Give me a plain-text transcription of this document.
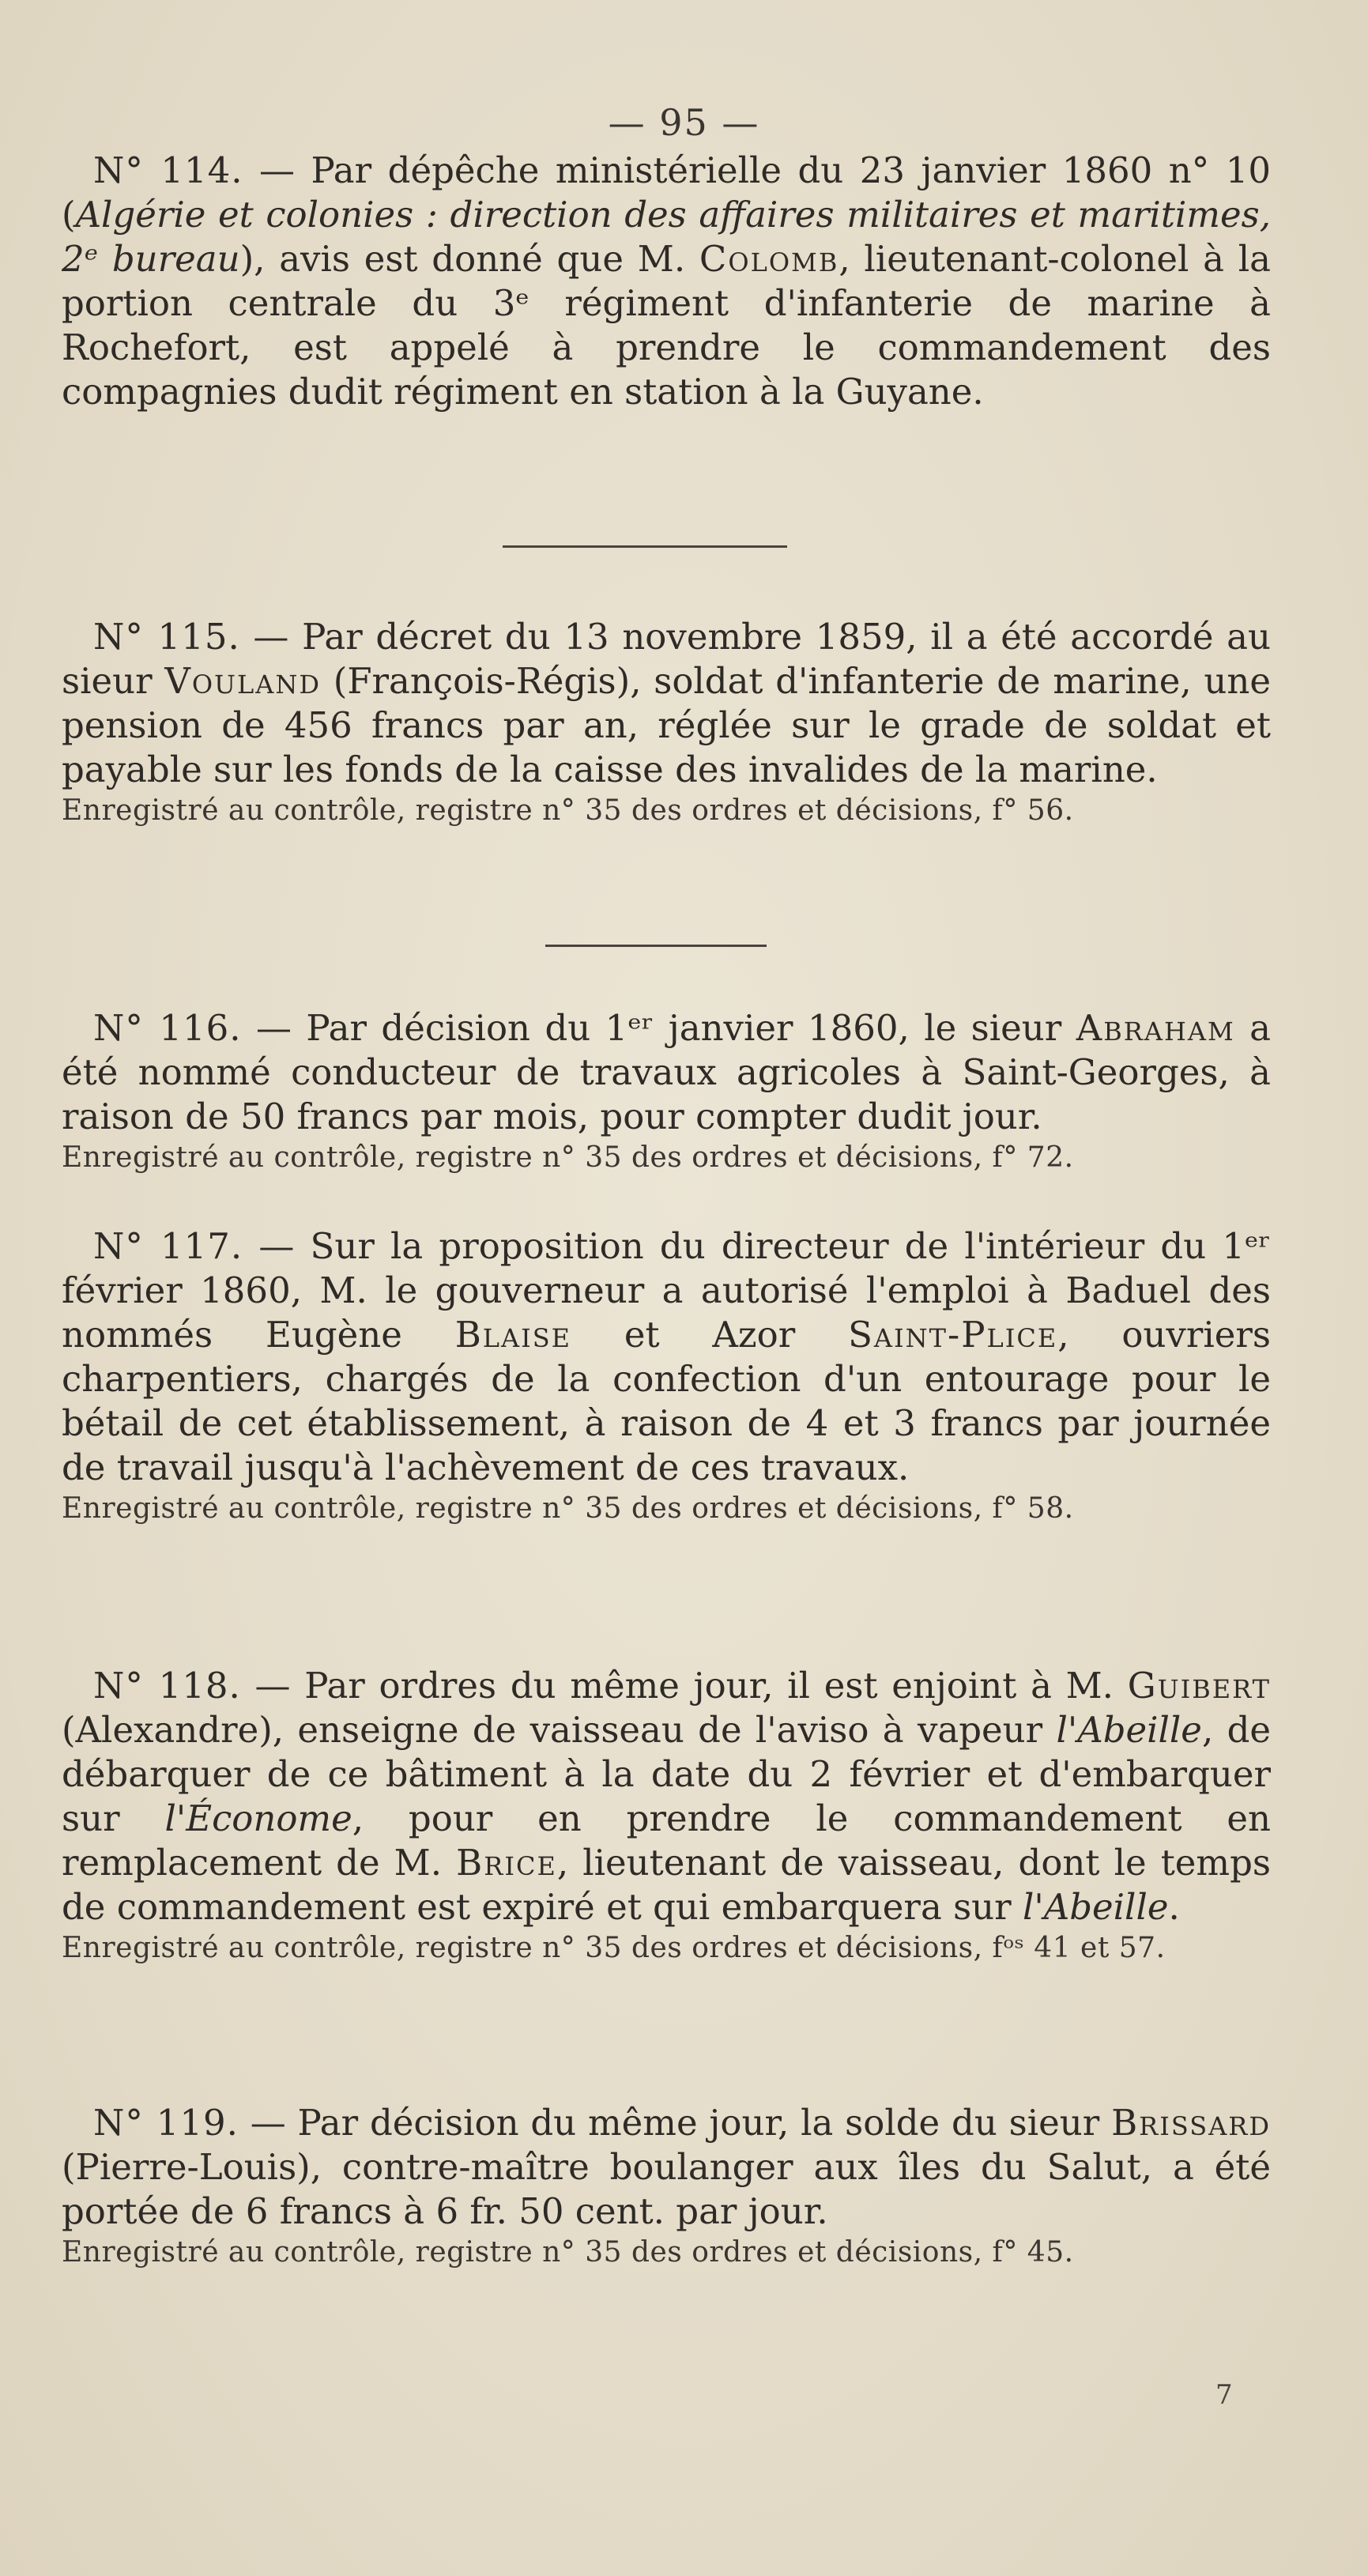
— 95 —

N° 114. — Par dépêche ministérielle du 23 janvier 1860 n° 10 (Algérie et colonies : direction des affaires militaires et maritimes, 2ᵉ bureau), avis est donné que M. Colomb, lieutenant-colonel à la portion centrale du 3ᵉ régiment d'infanterie de marine à Rochefort, est appelé à prendre le commandement des compagnies dudit régiment en station à la Guyane.

N° 115. — Par décret du 13 novembre 1859, il a été accordé au sieur Vouland (François-Régis), soldat d'infanterie de marine, une pension de 456 francs par an, réglée sur le grade de soldat et payable sur les fonds de la caisse des invalides de la marine.

Enregistré au contrôle, registre n° 35 des ordres et décisions, f° 56.

N° 116. — Par décision du 1ᵉʳ janvier 1860, le sieur Abraham a été nommé conducteur de travaux agricoles à Saint-Georges, à raison de 50 francs par mois, pour compter dudit jour.

Enregistré au contrôle, registre n° 35 des ordres et décisions, f° 72.

N° 117. — Sur la proposition du directeur de l'intérieur du 1ᵉʳ février 1860, M. le gouverneur a autorisé l'emploi à Baduel des nommés Eugène Blaise et Azor Saint-Plice, ouvriers charpentiers, chargés de la confection d'un entourage pour le bétail de cet établissement, à raison de 4 et 3 francs par journée de travail jusqu'à l'achèvement de ces travaux.

Enregistré au contrôle, registre n° 35 des ordres et décisions, f° 58.

N° 118. — Par ordres du même jour, il est enjoint à M. Guibert (Alexandre), enseigne de vaisseau de l'aviso à vapeur l'Abeille, de débarquer de ce bâtiment à la date du 2 février et d'embarquer sur l'Économe, pour en prendre le commandement en remplacement de M. Brice, lieutenant de vaisseau, dont le temps de commandement est expiré et qui embarquera sur l'Abeille.

Enregistré au contrôle, registre n° 35 des ordres et décisions, fᵒˢ 41 et 57.

N° 119. — Par décision du même jour, la solde du sieur Brissard (Pierre-Louis), contre-maître boulanger aux îles du Salut, a été portée de 6 francs à 6 fr. 50 cent. par jour.

Enregistré au contrôle, registre n° 35 des ordres et décisions, f° 45.

7
